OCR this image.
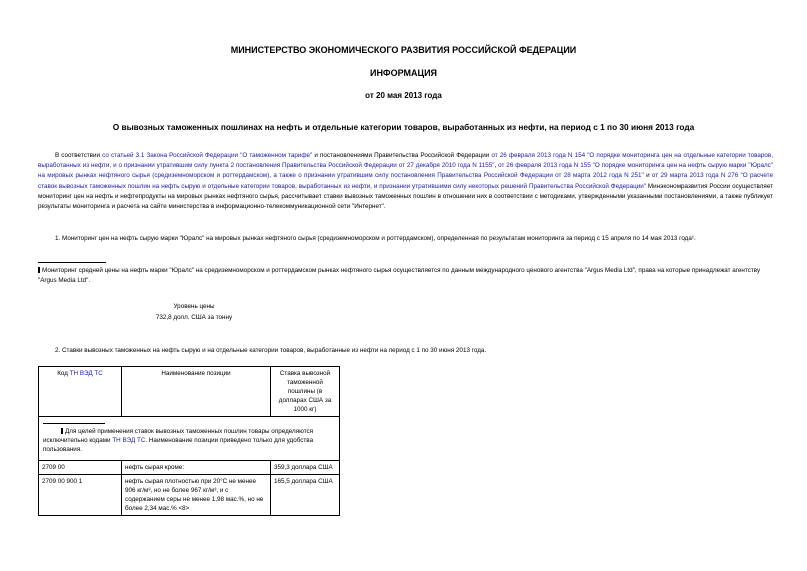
МИНИСТЕРСТВО ЭКОНОМИЧЕСКОГО РАЗВИТИЯ РОССИЙСКОЙ ФЕДЕРАЦИИ
ИНФОРМАЦИЯ
от 20 мая 2013 года
О вывозных таможенных пошлинах на нефть и отдельные категории товаров, выработанных из нефти, на период с 1 по 30 июня 2013 года
В соответствии со статьей 3.1 Закона Российской Федерации "О таможенном тарифе" и постановлениями Правительства Российской Федерации от 26 февраля 2013 года N 154 "О порядке мониторинга цен на отдельные категории товаров, выработанных из нефти, и о признании утратившим силу пункта 2 постановления Правительства Российской Федерации от 27 декабря 2010 года N 1155", от 26 февраля 2013 года N 155 "О порядке мониторинга цен на нефть сырую марки "Юралс" на мировых рынках нефтяного сырья (средиземноморском и роттердамском), а также о признании утратившим силу постановления Правительства Российской Федерации от 28 марта 2012 года N 251" и от 29 марта 2013 года N 276 "О расчете ставок вывозных таможенных пошлин на нефть сырую и отдельные категории товаров, выработанных из нефти, и признании утратившими силу некоторых решений Правительства Российской Федерации" Минэкономразвития России осуществляет мониторинг цен на нефть и нефтепродукты на мировых рынках нефтяного сырья, рассчитывает ставки вывозных таможенных пошлин в отношении них в соответствии с методиками, утвержденными указанными постановлениями, а также публикует результаты мониторинга и расчета на сайте министерства в информационно-телекоммуникационной сети "Интернет".
1. Мониторинг цен на нефть сырую марки "Юралс" на мировых рынках нефтяного сырья (средиземноморском и роттердамском), определенная по результатам мониторинга за период с 15 апреля по 14 мая 2013 года¹.
Мониторинг средней цены на нефть марки "Юралс" на средиземноморском и роттердамском рынках нефтяного сырья осуществляется по данным международного ценового агентства "Argus Media Ltd", права на которые принадлежат агентству "Argus Media Ltd".
Уровень цены
732,8 долл. США за тонну
2. Ставки вывозных таможенных на нефть сырую и на отдельные категории товаров, выработанные из нефти на период с 1 по 30 июня 2013 года.
Код ТН ВЭД ТС	Наименование позиции	Ставка вывозной таможенной пошлины (в долларах США за 1000 кг)

Для целей применения ставок вывозных таможенных пошлин товары определяются исключительно кодами ТН ВЭД ТС. Наименование позиции приведено только для удобства пользования.		
2709 00	нефть сырая кроме:	359,3 доллара США
2709 00 900 1	нефть сырая плотностью при 20°С не менее 906 кг/м³, но не более 967 кг/м³, и с содержанием серы не менее 1,98 мас.%, но не более 2,34 мас.% <8>	165,5 доллара США
